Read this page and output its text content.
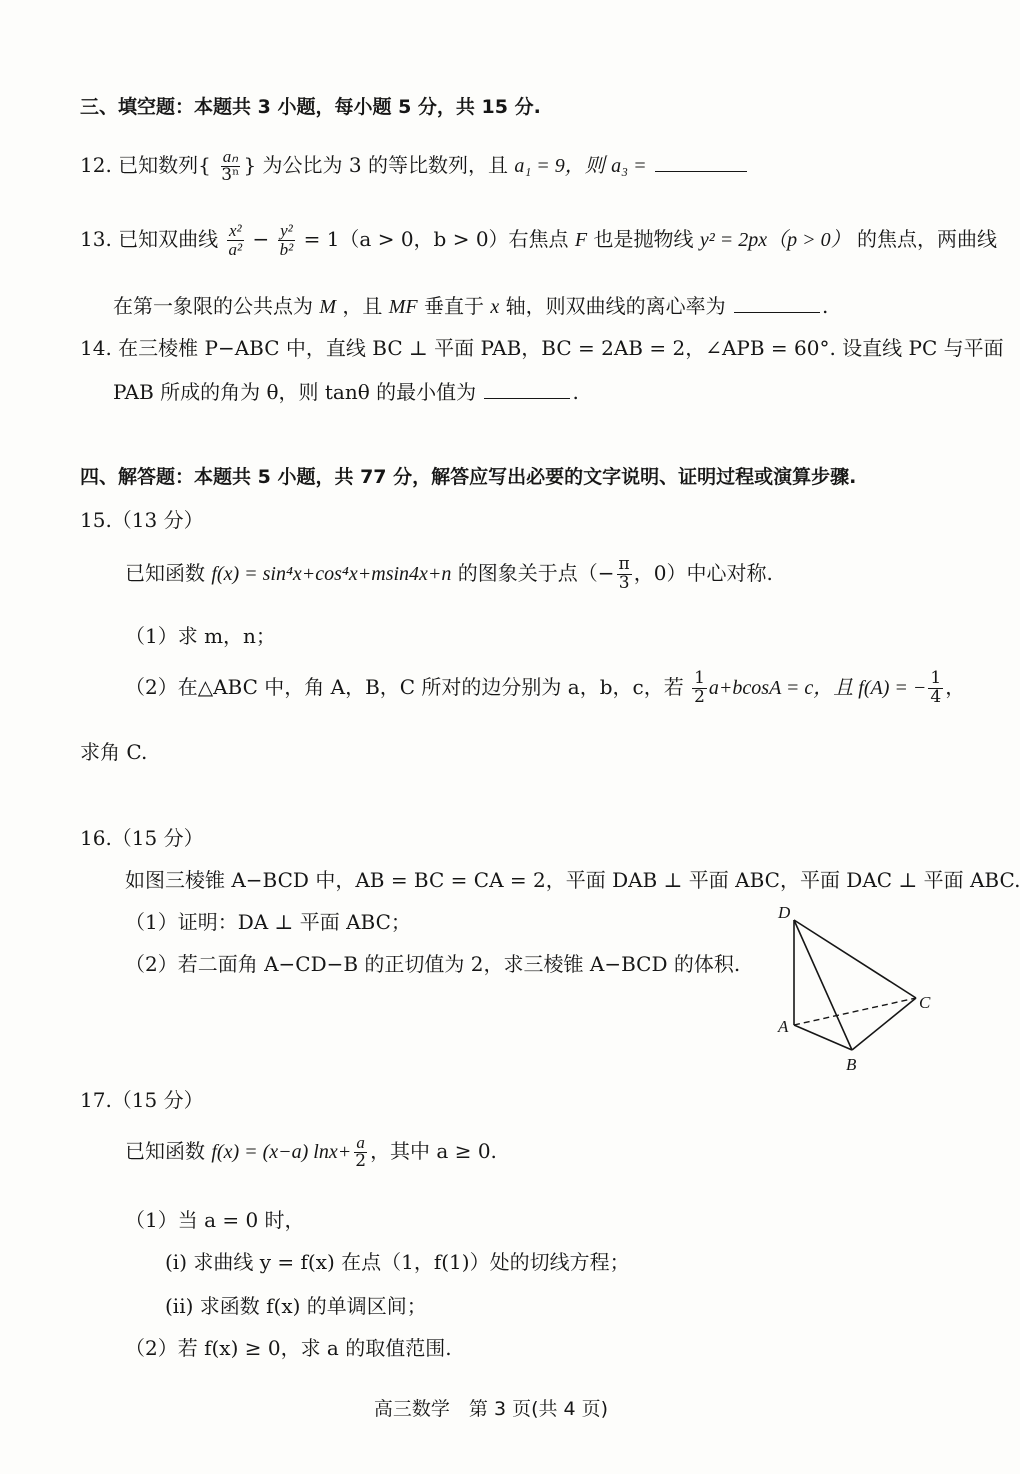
三、填空题：本题共 3 小题，每小题 5 分，共 15 分.
12. 已知数列{ $\frac{\text{aₙ}}{\text{3ⁿ}}$ } 为公比为 3 的等比数列，且 a₁ = 9，则 a₃ =
13. 已知双曲线 $\frac{\text{x²}}{\text{a²}} - \frac{\text{y²}}{\text{b²}} = 1(a > 0$，b > 0）右焦点 F 也是抛物线 y² = 2px（p > 0） 的焦点，两曲线
在第一象限的公共点为 M ，且 MF 垂直于 x 轴，则双曲线的离心率为	.
14. 在三棱椎 P−ABC 中，直线 BC ⊥ 平面 PAB，BC = 2AB = 2，∠APB = 60°. 设直线 PC 与平面
PAB 所成的角为 θ，则 tanθ 的最小值为	.
四、解答题：本题共 5 小题，共 77 分，解答应写出必要的文字说明、证明过程或演算步骤.
15.（13 分）
已知函数 f(x) = sin⁴x+cos⁴x+msin4x+n 的图象关于点（− $\frac{\pi}{3}$ ，0）中心对称.
（1）求 m，n；
（2）在△ABC 中，角 A，B，C 所对的边分别为 a，b，c，若 $\frac{1}{2} a+bcosA = c$，且 f(A) = − $\frac{1}{4}$ ，
求角 C.
16.（15 分）
如图三棱锥 A−BCD 中，AB = BC = CA = 2，平面 DAB ⊥ 平面 ABC，平面 DAC ⊥ 平面 ABC.
（1）证明：DA ⊥ 平面 ABC；
（2）若二面角 A−CD−B 的正切值为 2，求三棱锥 A−BCD 的体积.
D
A
B
C
17.（15 分）
已知函数 f(x) = (x−a) $\ln x+ \frac{a}{2}$ ，其中 a ≥ 0.
（1）当 a = 0 时，
(i) 求曲线 y = f(x) 在点（1，f(1)）处的切线方程；
(ii) 求函数 f(x) 的单调区间；
（2）若 f(x) ≥ 0，求 a 的取值范围.
高三数学　第 3 页(共 4 页)
